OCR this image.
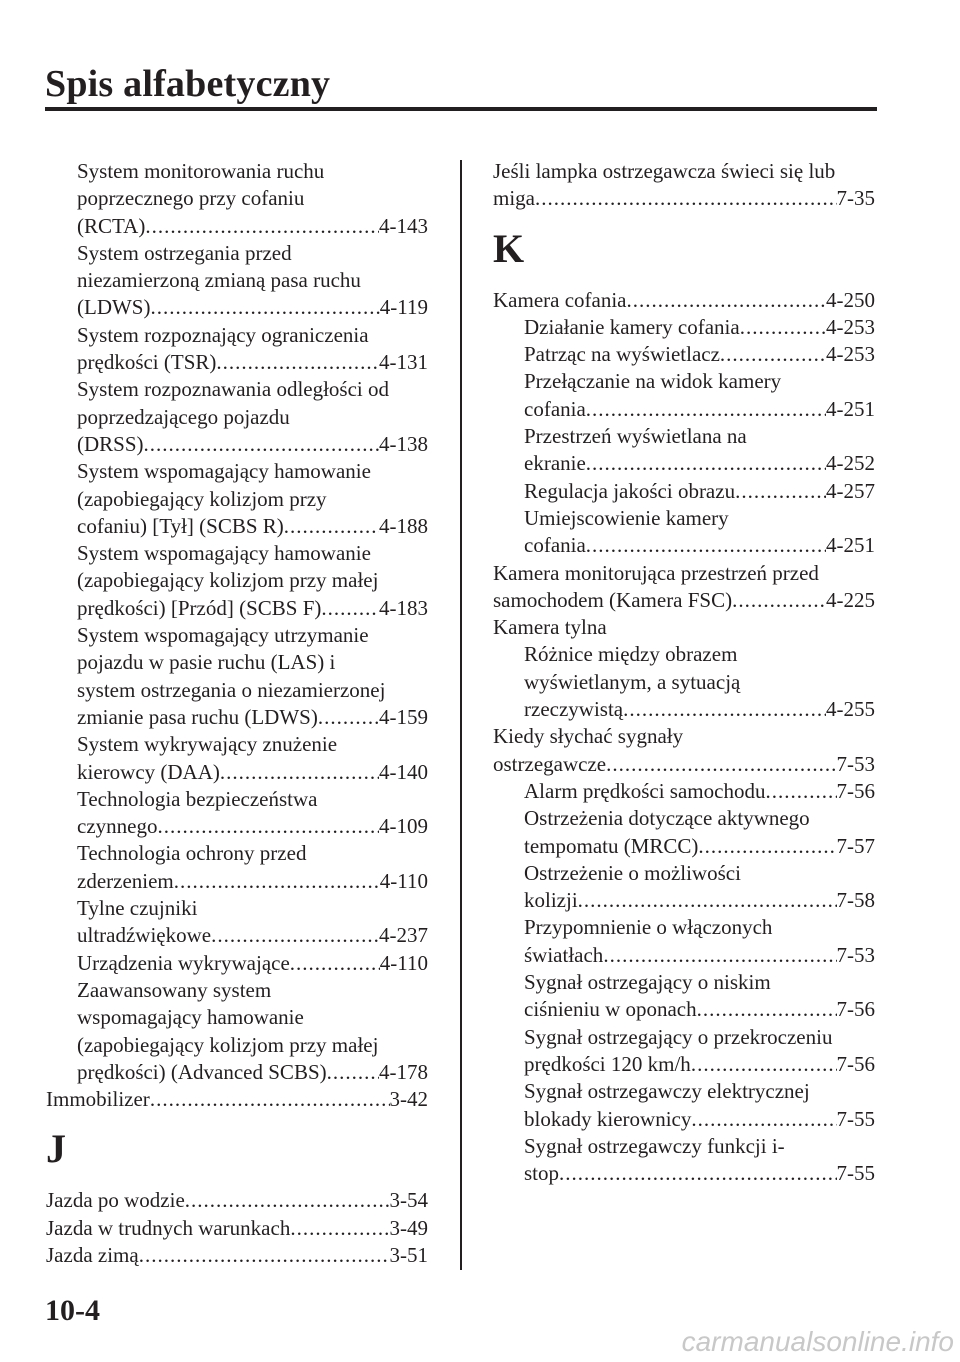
Spis alfabetyczny
System monitorowania ruchu
poprzecznego przy cofaniu
(RCTA) .....	4-143
System ostrzegania przed
niezamierzoną zmianą pasa ruchu
(LDWS) .....	4-119
System rozpoznający ograniczenia
prędkości (TSR) .....	4-131
System rozpoznawania odległości od
poprzedzającego pojazdu
(DRSS) .....	4-138
System wspomagający hamowanie
(zapobiegający kolizjom przy
cofaniu) [Tył] (SCBS R) .....	4-188
System wspomagający hamowanie
(zapobiegający kolizjom przy małej
prędkości) [Przód] (SCBS F) .....	4-183
System wspomagający utrzymanie
pojazdu w pasie ruchu (LAS) i
system ostrzegania o niezamierzonej
zmianie pasa ruchu (LDWS) .....	4-159
System wykrywający znużenie
kierowcy (DAA) .....	4-140
Technologia bezpieczeństwa
czynnego .....	4-109
Technologia ochrony przed
zderzeniem .....	4-110
Tylne czujniki
ultradźwiękowe .....	4-237
Urządzenia wykrywające .....	4-110
Zaawansowany system
wspomagający hamowanie
(zapobiegający kolizjom przy małej
prędkości) (Advanced SCBS) ..... 4-178
Immobilizer .....	3-42
J
Jazda po wodzie .....	3-54
Jazda w trudnych warunkach .....	3-49
Jazda zimą .....	3-51
Jeśli lampka ostrzegawcza świeci się lub
miga .....	7-35
K
Kamera cofania .....	4-250
Działanie kamery cofania .....	4-253
Patrząc na wyświetlacz .....	4-253
Przełączanie na widok kamery
cofania .....	4-251
Przestrzeń wyświetlana na
ekranie .....	4-252
Regulacja jakości obrazu .....	4-257
Umiejscowienie kamery
cofania .....	4-251
Kamera monitorująca przestrzeń przed
samochodem (Kamera FSC) .....	4-225
Kamera tylna
Różnice między obrazem
wyświetlanym, a sytuacją
rzeczywistą .....	4-255
Kiedy słychać sygnały
ostrzegawcze .....	7-53
Alarm prędkości samochodu .....	7-56
Ostrzeżenia dotyczące aktywnego
tempomatu (MRCC) .....	7-57
Ostrzeżenie o możliwości
kolizji .....	7-58
Przypomnienie o włączonych
światłach .....	7-53
Sygnał ostrzegający o niskim
ciśnieniu w oponach .....	7-56
Sygnał ostrzegający o przekroczeniu
prędkości 120 km/h .....	7-56
Sygnał ostrzegawczy elektrycznej
blokady kierownicy .....	7-55
Sygnał ostrzegawczy funkcji i-
stop .....	7-55
10-4
carmanualsonline.info
